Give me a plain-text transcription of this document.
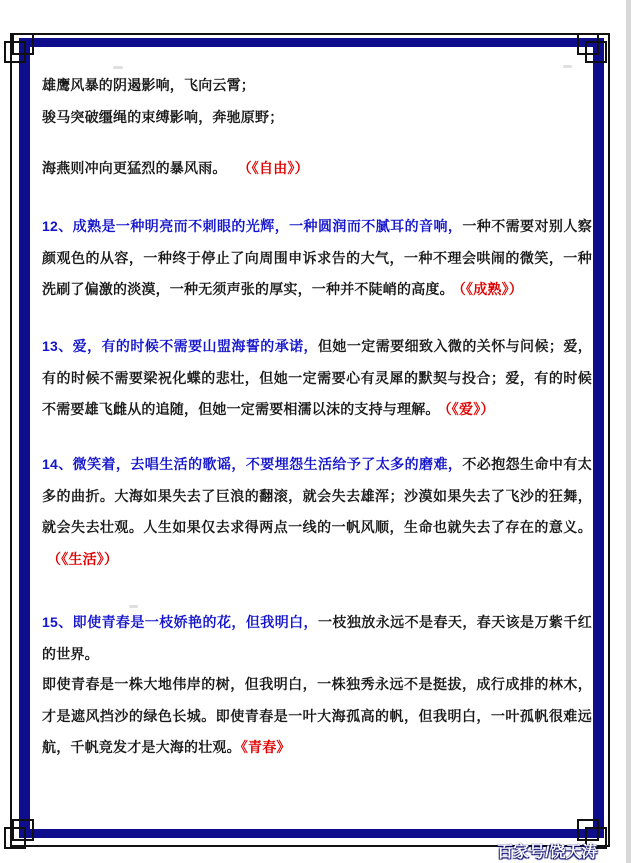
雄鹰风暴的阴遏影响，飞向云霄；

骏马突破缰绳的束缚影响，奔驰原野；

海燕则冲向更猛烈的暴风雨。 （《自由》）

12、成熟是一种明亮而不刺眼的光辉，一种圆润而不腻耳的音响，一种不需要对别人察颜观色的从容，一种终于停止了向周围申诉求告的大气，一种不理会哄闹的微笑，一种洗刷了偏激的淡漠，一种无须声张的厚实，一种并不陡峭的高度。 （《成熟》）

13、爱，有的时候不需要山盟海誓的承诺，但她一定需要细致入微的关怀与问候；爱，有的时候不需要梁祝化蝶的悲壮，但她一定需要心有灵犀的默契与投合；爱，有的时候不需要雄飞雌从的追随，但她一定需要相濡以沫的支持与理解。 （《爱》）

14、微笑着，去唱生活的歌谣，不要埋怨生活给予了太多的磨难，不必抱怨生命中有太多的曲折。大海如果失去了巨浪的翻滚，就会失去雄浑；沙漠如果失去了飞沙的狂舞，就会失去壮观。人生如果仅去求得两点一线的一帆风顺，生命也就失去了存在的意义。（《生活》）

15、即使青春是一枝娇艳的花，但我明白，一枝独放永远不是春天，春天该是万紫千红的世界。

即使青春是一株大地伟岸的树，但我明白，一株独秀永远不是挺拔，成行成排的林木，才是遮风挡沙的绿色长城。即使青春是一叶大海孤高的帆，但我明白，一叶孤帆很难远航，千帆竞发才是大海的壮观。《青春》

百家号/饶天涛
